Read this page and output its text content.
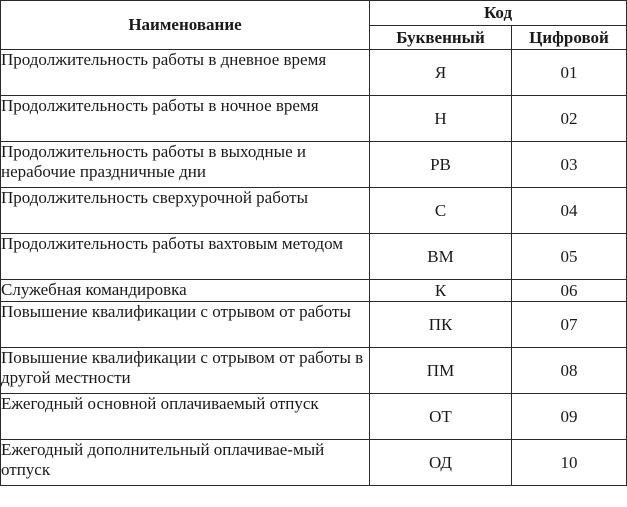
Наименование	Код	
	Буквенный	Цифровой
Продолжительность работы в дневное время	Я	01
Продолжительность работы в ночное время	Н	02
Продолжительность работы в выходные и нерабочие праздничные дни	РВ	03
Продолжительность сверхурочной работы	С	04
Продолжительность работы вахтовым методом	ВМ	05
Служебная командировка	К	06
Повышение квалификации с отрывом от работы	ПК	07
Повышение квалификации с отрывом от работы в другой местности	ПМ	08
Ежегодный основной оплачиваемый отпуск	ОТ	09
Ежегодный дополнительный оплачивае-мый отпуск	ОД	10
